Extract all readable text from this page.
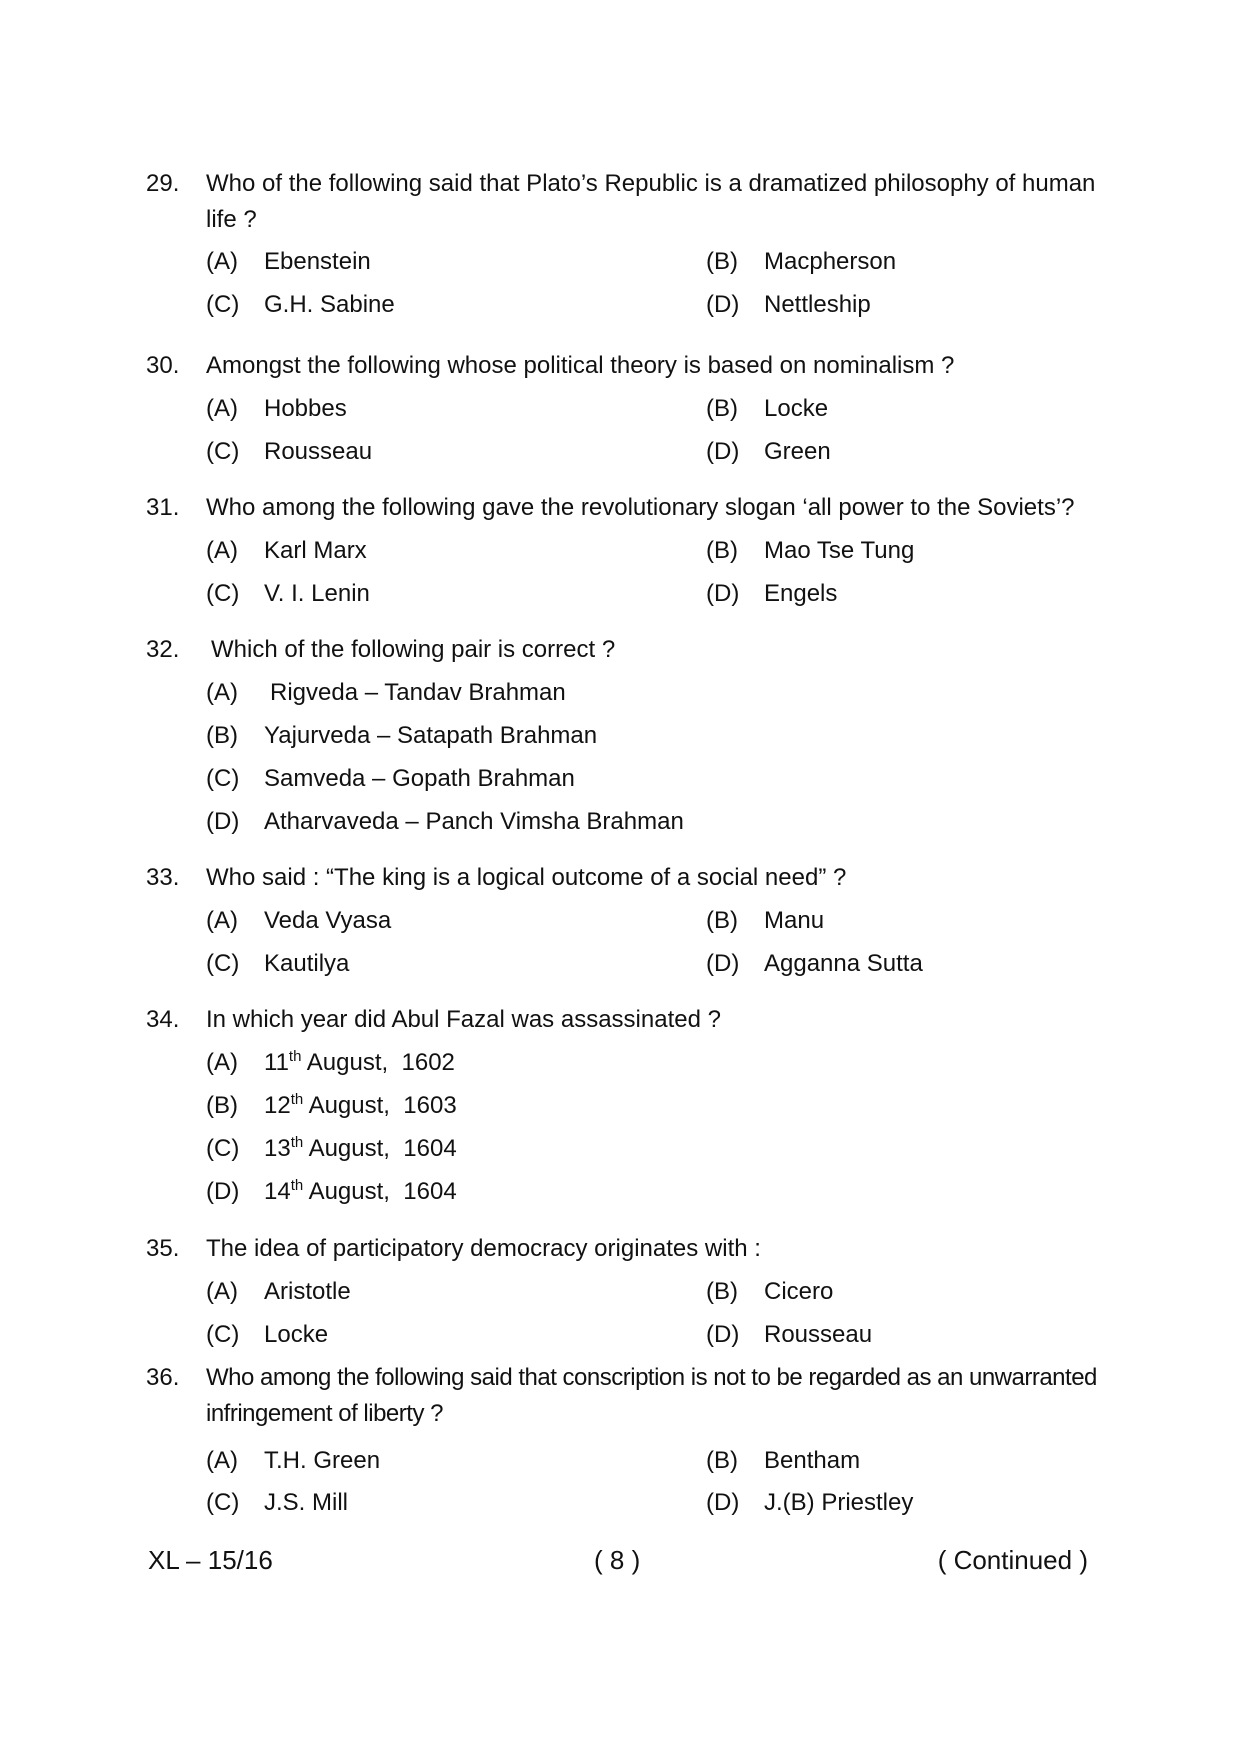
29. Who of the following said that Plato’s Republic is a dramatized philosophy of human life ?
(A) Ebenstein	(B) Macpherson
(C) G.H. Sabine	(D) Nettleship
30. Amongst the following whose political theory is based on nominalism ?
(A) Hobbes	(B) Locke
(C) Rousseau	(D) Green
31. Who among the following gave the revolutionary slogan ‘all power to the Soviets’?
(A) Karl Marx	(B) Mao Tse Tung
(C) V. I. Lenin	(D) Engels
32. Which of the following pair is correct ?
(A) Rigveda – Tandav Brahman
(B) Yajurveda – Satapath Brahman
(C) Samveda – Gopath Brahman
(D) Atharvaveda – Panch Vimsha Brahman
33. Who said : “The king is a logical outcome of a social need” ?
(A) Veda Vyasa	(B) Manu
(C) Kautilya	(D) Agganna Sutta
34. In which year did Abul Fazal was assassinated ?
(A) 11th August,  1602
(B) 12th August,  1603
(C) 13th August,  1604
(D) 14th August,  1604
35. The idea of participatory democracy originates with :
(A) Aristotle	(B) Cicero
(C) Locke	(D) Rousseau
36. Who among the following said that conscription is not to be regarded as an unwarranted infringement of liberty ?
(A) T.H. Green	(B) Bentham
(C) J.S. Mill	(D) J.(B) Priestley
XL – 15/16	( 8 )	( Continued )
